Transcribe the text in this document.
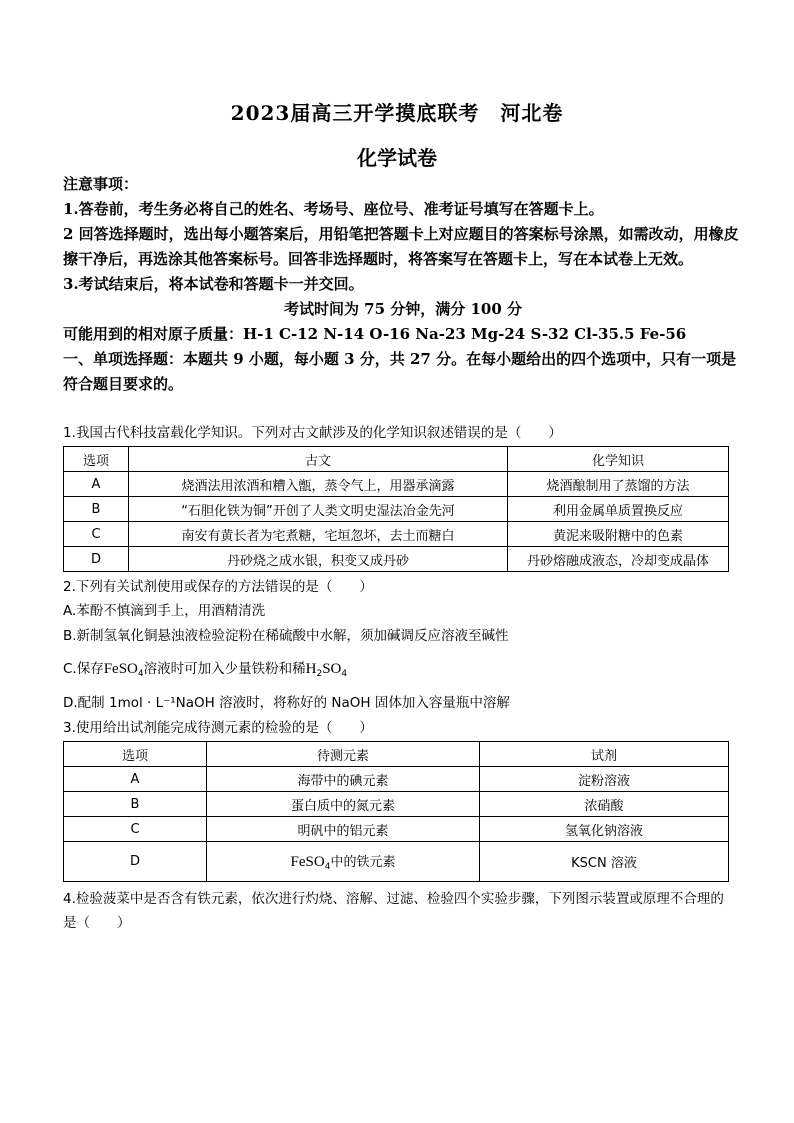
2023届高三开学摸底联考　河北卷
化学试卷

注意事项：

1.答卷前，考生务必将自己的姓名、考场号、座位号、准考证号填写在答题卡上。

2 回答选择题时，选出每小题答案后，用铅笔把答题卡上对应题目的答案标号涂黑，如需改动，用橡皮擦干净后，再选涂其他答案标号。回答非选择题时，将答案写在答题卡上，写在本试卷上无效。

3.考试结束后，将本试卷和答题卡一并交回。

考试时间为 75 分钟，满分 100 分

可能用到的相对原子质量：H-1 C-12 N-14 O-16 Na-23 Mg-24 S-32 Cl-35.5 Fe-56

一、单项选择题：本题共 9 小题，每小题 3 分，共 27 分。在每小题给出的四个选项中，只有一项是符合题目要求的。

1.我国古代科技富载化学知识。下列对古文献涉及的化学知识叙述错误的是（　　）
选项	古文	化学知识
A	烧酒法用浓酒和糟入甑，蒸令气上，用器承滴露	烧酒酿制用了蒸馏的方法
B	“石胆化铁为铜”开创了人类文明史湿法冶金先河	利用金属单质置换反应
C	南安有黄长者为宅煮糖，宅垣忽坏，去土而糖白	黄泥来吸附糖中的色素
D	丹砂烧之成水银，积变又成丹砂	丹砂熔融成液态，冷却变成晶体
2.下列有关试剂使用或保存的方法错误的是（　　）
A.苯酚不慎滴到手上，用酒精清洗
B.新制氢氧化铜悬浊液检验淀粉在稀硫酸中水解，须加碱调反应溶液至碱性
C.保存FeSO$_4$溶液时可加入少量铁粉和稀$H_2SO_4$
D.配制 1mol · L⁻¹NaOH 溶液时，将称好的 NaOH 固体加入容量瓶中溶解
3.使用给出试剂能完成待测元素的检验的是（　　）
选项	待测元素	试剂
A	海带中的碘元素	淀粉溶液
B	蛋白质中的氮元素	浓硝酸
C	明矾中的铝元素	氢氧化钠溶液
D	FeSO$_4$中的铁元素	KSCN 溶液
4.检验菠菜中是否含有铁元素，依次进行灼烧、溶解、过滤、检验四个实验步骤，下列图示装置或原理不合理的是（　　）
